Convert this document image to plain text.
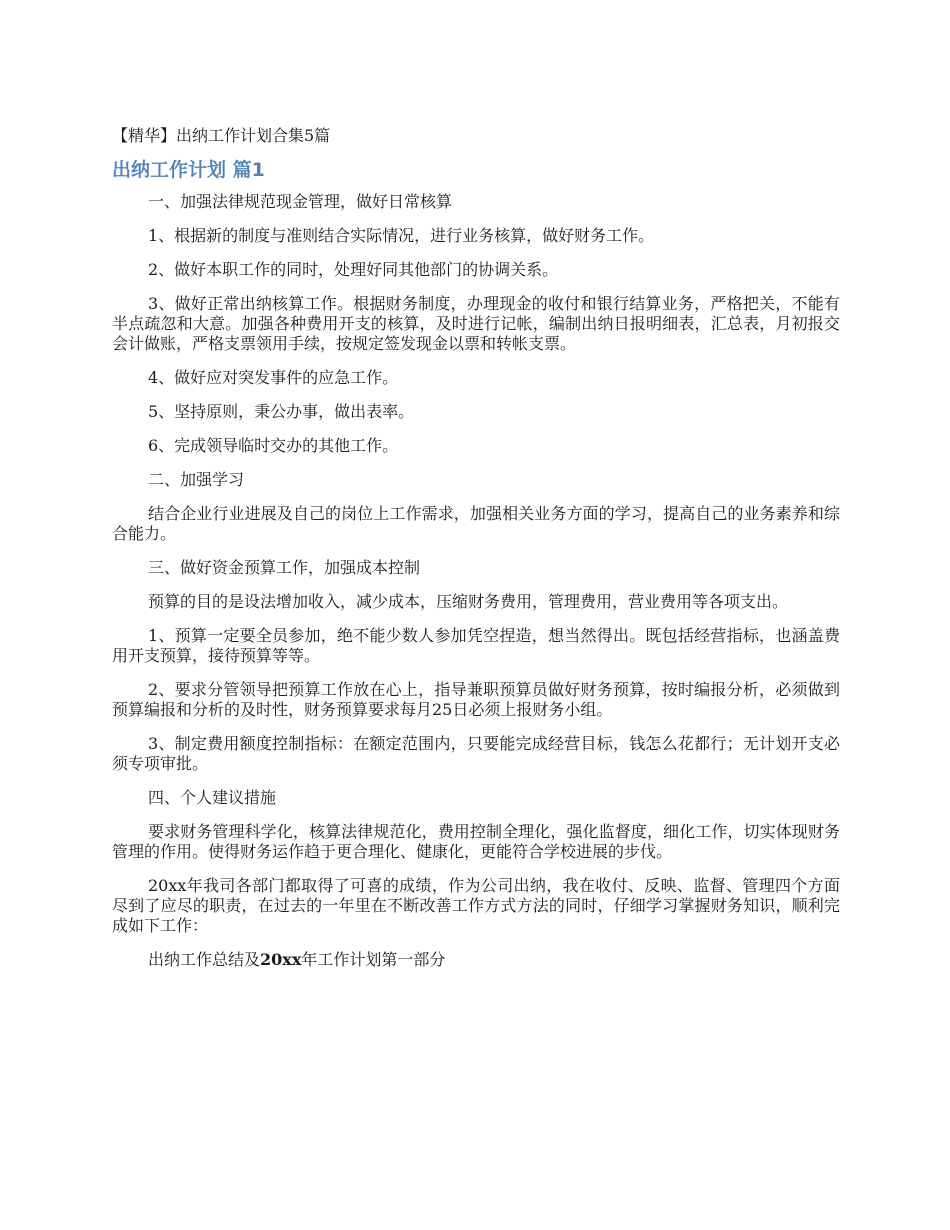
【精华】出纳工作计划合集5篇
出纳工作计划 篇1

一、加强法律规范现金管理，做好日常核算

1、根据新的制度与准则结合实际情况，进行业务核算，做好财务工作。

2、做好本职工作的同时，处理好同其他部门的协调关系。

3、做好正常出纳核算工作。根据财务制度，办理现金的收付和银行结算业务，严格把关，不能有半点疏忽和大意。加强各种费用开支的核算，及时进行记帐，编制出纳日报明细表，汇总表，月初报交会计做账，严格支票领用手续，按规定签发现金以票和转帐支票。

4、做好应对突发事件的应急工作。

5、坚持原则，秉公办事，做出表率。

6、完成领导临时交办的其他工作。

二、加强学习

结合企业行业进展及自己的岗位上工作需求，加强相关业务方面的学习，提高自己的业务素养和综合能力。

三、做好资金预算工作，加强成本控制

预算的目的是设法增加收入，减少成本，压缩财务费用，管理费用，营业费用等各项支出。

1、预算一定要全员参加，绝不能少数人参加凭空捏造，想当然得出。既包括经营指标，也涵盖费用开支预算，接待预算等等。

2、要求分管领导把预算工作放在心上，指导兼职预算员做好财务预算，按时编报分析，必须做到预算编报和分析的及时性，财务预算要求每月25日必须上报财务小组。

3、制定费用额度控制指标：在额定范围内，只要能完成经营目标，钱怎么花都行；无计划开支必须专项审批。

四、个人建议措施

要求财务管理科学化，核算法律规范化，费用控制全理化，强化监督度，细化工作，切实体现财务管理的作用。使得财务运作趋于更合理化、健康化，更能符合学校进展的步伐。

20xx年我司各部门都取得了可喜的成绩，作为公司出纳，我在收付、反映、监督、管理四个方面尽到了应尽的职责，在过去的一年里在不断改善工作方式方法的同时，仔细学习掌握财务知识，顺利完成如下工作：

出纳工作总结及20xx年工作计划第一部分
